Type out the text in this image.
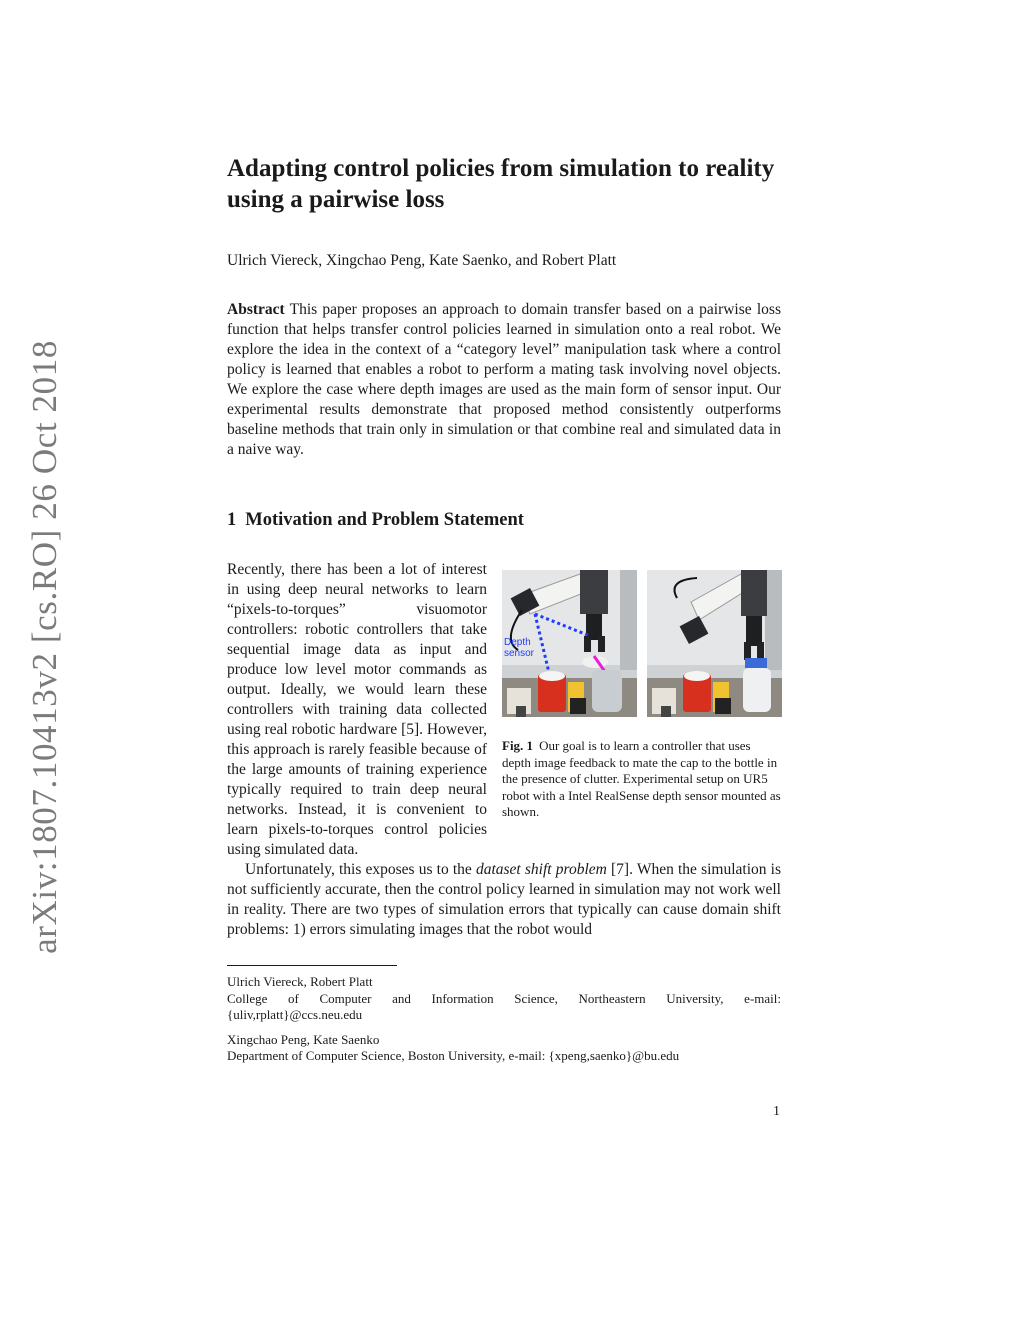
arXiv:1807.10413v2 [cs.RO] 26 Oct 2018
Adapting control policies from simulation to reality using a pairwise loss

Ulrich Viereck, Xingchao Peng, Kate Saenko, and Robert Platt

Abstract This paper proposes an approach to domain transfer based on a pairwise loss function that helps transfer control policies learned in simulation onto a real robot. We explore the idea in the context of a “category level” manipulation task where a control policy is learned that enables a robot to perform a mating task involving novel objects. We explore the case where depth images are used as the main form of sensor input. Our experimental results demonstrate that proposed method consistently outperforms baseline methods that train only in simulation or that combine real and simulated data in a naive way.

1 Motivation and Problem Statement

Recently, there has been a lot of interest in using deep neural networks to learn “pixels-to-torques” visuomotor controllers: robotic controllers that take sequential image data as input and produce low level motor commands as output. Ideally, we would learn these controllers with training data collected using real robotic hardware [5]. However, this approach is rarely feasible because of the large amounts of training experience typically required to train deep neural networks. Instead, it is convenient to learn pixels-to-torques control policies using simulated data.

Depth
sensor
Fig. 1 Our goal is to learn a controller that uses depth image feedback to mate the cap to the bottle in the presence of clutter. Experimental setup on UR5 robot with a Intel RealSense depth sensor mounted as shown.

Unfortunately, this exposes us to the dataset shift problem [7]. When the simulation is not sufficiently accurate, then the control policy learned in simulation may not work well in reality. There are two types of simulation errors that typically can cause domain shift problems: 1) errors simulating images that the robot would

Ulrich Viereck, Robert Platt

College of Computer and Information Science, Northeastern University, e-mail:

{uliv,rplatt}@ccs.neu.edu

Xingchao Peng, Kate Saenko

Department of Computer Science, Boston University, e-mail: {xpeng,saenko}@bu.edu

1
